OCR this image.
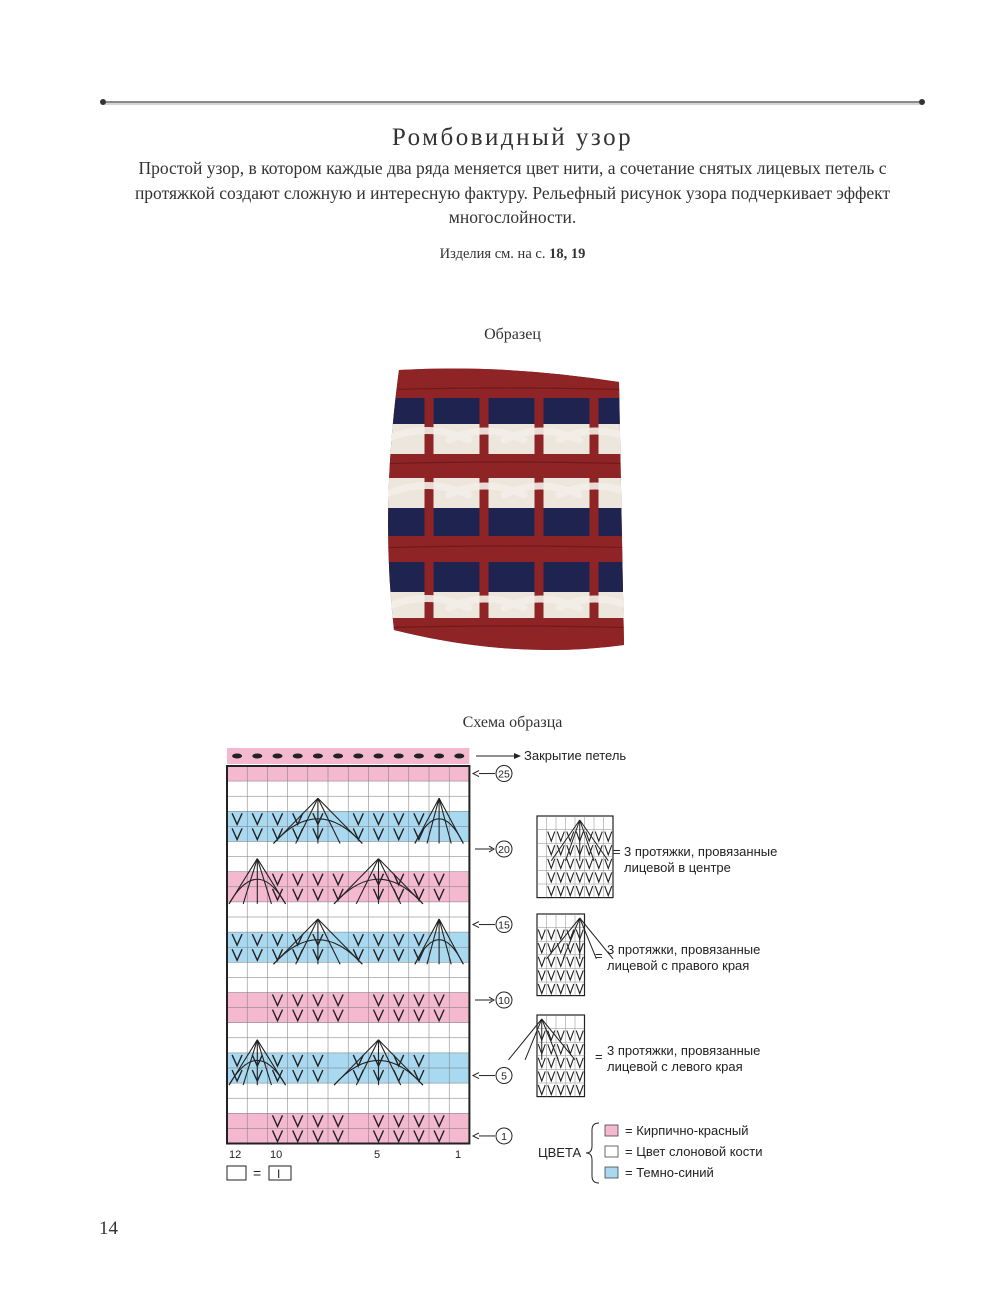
Ромбовидный узор
Простой узор, в котором каждые два ряда меняется цвет нити, а сочетание снятых лицевых петель с протяжкой создают сложную и интересную фактуру. Рельефный рисунок узора подчеркивает эффект многослойности.
Изделия см. на с. 18, 19
Образец
Схема образца
25
20
15
10
5
1
Закрытие петель
12	10	5	1
= I
3 протяжки, провязанные
лицевой в центре
3 протяжки, провязанные
лицевой с правого края
3 протяжки, провязанные
лицевой с левого края
ЦВЕТА
= Кирпично-красный
= Цвет слоновой кости
= Темно-синий
=
=
=
14
